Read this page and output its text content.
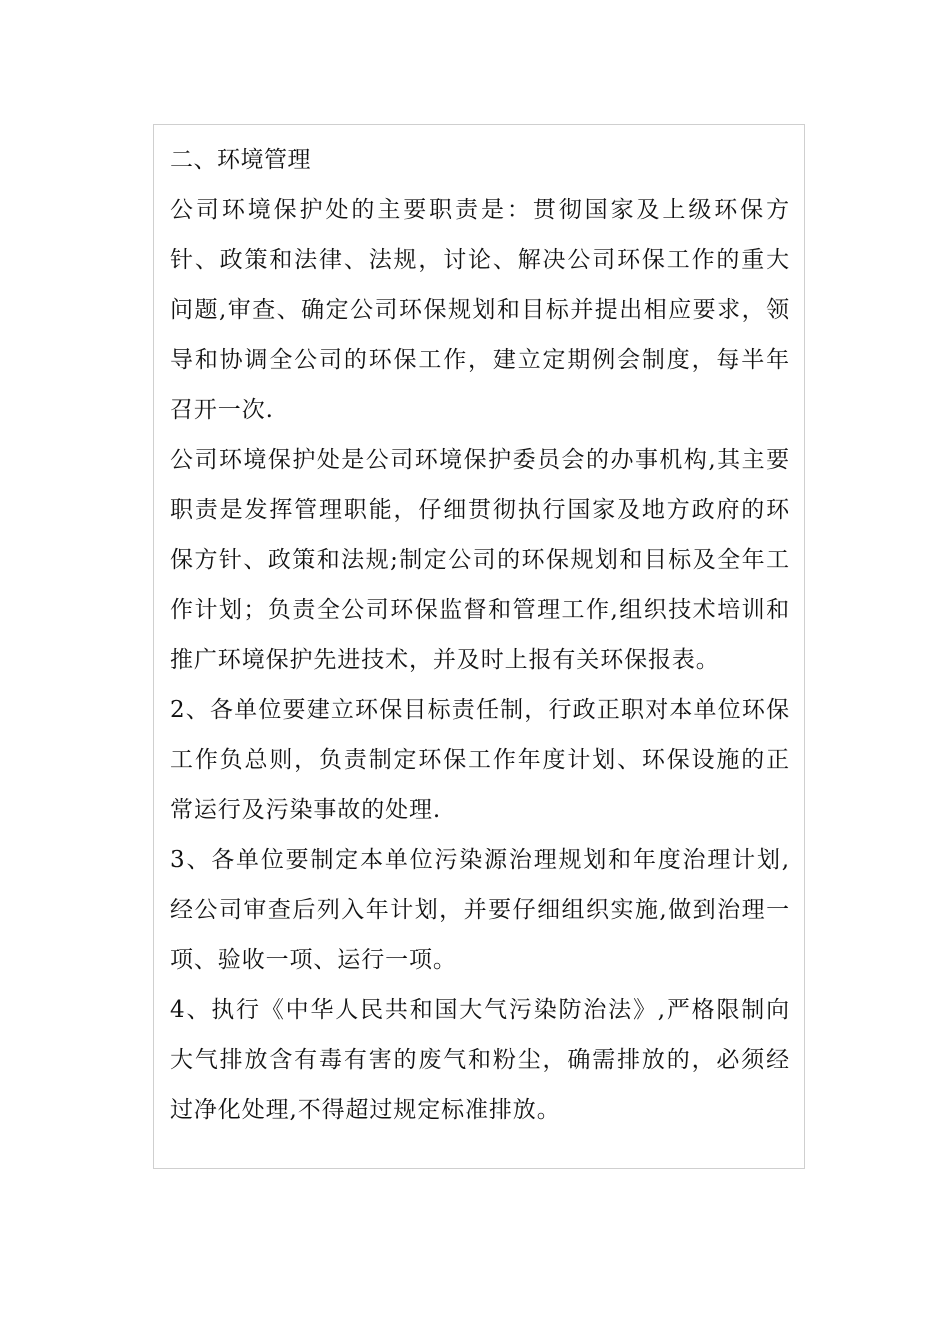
二、环境管理

公司环境保护处的主要职责是：贯彻国家及上级环保方针、政策和法律、法规，讨论、解决公司环保工作的重大问题,审查、确定公司环保规划和目标并提出相应要求，领导和协调全公司的环保工作，建立定期例会制度，每半年召开一次.

公司环境保护处是公司环境保护委员会的办事机构,其主要职责是发挥管理职能，仔细贯彻执行国家及地方政府的环保方针、政策和法规;制定公司的环保规划和目标及全年工作计划；负责全公司环保监督和管理工作,组织技术培训和推广环境保护先进技术，并及时上报有关环保报表。

2、各单位要建立环保目标责任制，行政正职对本单位环保工作负总则，负责制定环保工作年度计划、环保设施的正常运行及污染事故的处理.

3、各单位要制定本单位污染源治理规划和年度治理计划,经公司审查后列入年计划，并要仔细组织实施,做到治理一项、验收一项、运行一项。

4、执行《中华人民共和国大气污染防治法》,严格限制向大气排放含有毒有害的废气和粉尘，确需排放的，必须经过净化处理,不得超过规定标准排放。
